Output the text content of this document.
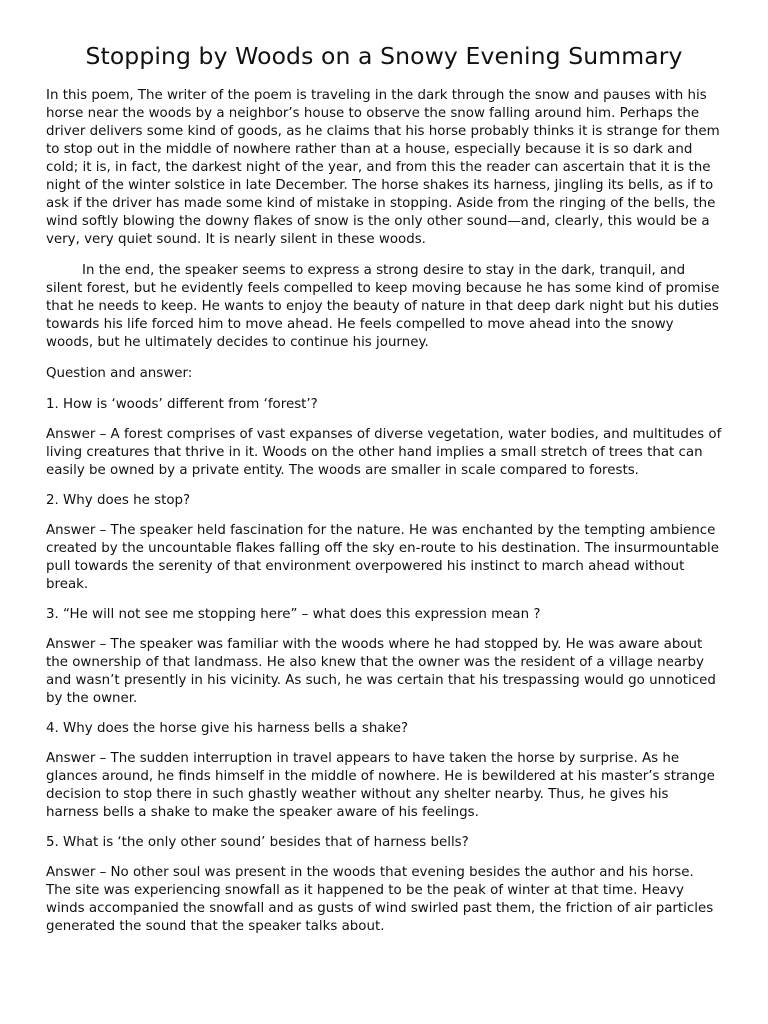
Stopping by Woods on a Snowy Evening Summary

In this poem, The writer of the poem is traveling in the dark through the snow and pauses with his horse near the woods by a neighbor’s house to observe the snow falling around him. Perhaps the driver delivers some kind of goods, as he claims that his horse probably thinks it is strange for them to stop out in the middle of nowhere rather than at a house, especially because it is so dark and cold; it is, in fact, the darkest night of the year, and from this the reader can ascertain that it is the night of the winter solstice in late December. The horse shakes its harness, jingling its bells, as if to ask if the driver has made some kind of mistake in stopping. Aside from the ringing of the bells, the wind softly blowing the downy flakes of snow is the only other sound—and, clearly, this would be a very, very quiet sound. It is nearly silent in these woods.

In the end, the speaker seems to express a strong desire to stay in the dark, tranquil, and silent forest, but he evidently feels compelled to keep moving because he has some kind of promise that he needs to keep. He wants to enjoy the beauty of nature in that deep dark night but his duties towards his life forced him to move ahead. He feels compelled to move ahead into the snowy woods, but he ultimately decides to continue his journey.

Question and answer:

1. How is ‘woods’ different from ‘forest’?

Answer – A forest comprises of vast expanses of diverse vegetation, water bodies, and multitudes of living creatures that thrive in it. Woods on the other hand implies a small stretch of trees that can easily be owned by a private entity. The woods are smaller in scale compared to forests.

2. Why does he stop?

Answer – The speaker held fascination for the nature. He was enchanted by the tempting ambience created by the uncountable flakes falling off the sky en-route to his destination. The insurmountable pull towards the serenity of that environment overpowered his instinct to march ahead without break.

3. “He will not see me stopping here” – what does this expression mean ?

Answer – The speaker was familiar with the woods where he had stopped by. He was aware about the ownership of that landmass. He also knew that the owner was the resident of a village nearby and wasn’t presently in his vicinity. As such, he was certain that his trespassing would go unnoticed by the owner.

4. Why does the horse give his harness bells a shake?

Answer – The sudden interruption in travel appears to have taken the horse by surprise. As he glances around, he finds himself in the middle of nowhere. He is bewildered at his master’s strange decision to stop there in such ghastly weather without any shelter nearby. Thus, he gives his harness bells a shake to make the speaker aware of his feelings.

5. What is ‘the only other sound’ besides that of harness bells?

Answer – No other soul was present in the woods that evening besides the author and his horse. The site was experiencing snowfall as it happened to be the peak of winter at that time. Heavy winds accompanied the snowfall and as gusts of wind swirled past them, the friction of air particles generated the sound that the speaker talks about.
